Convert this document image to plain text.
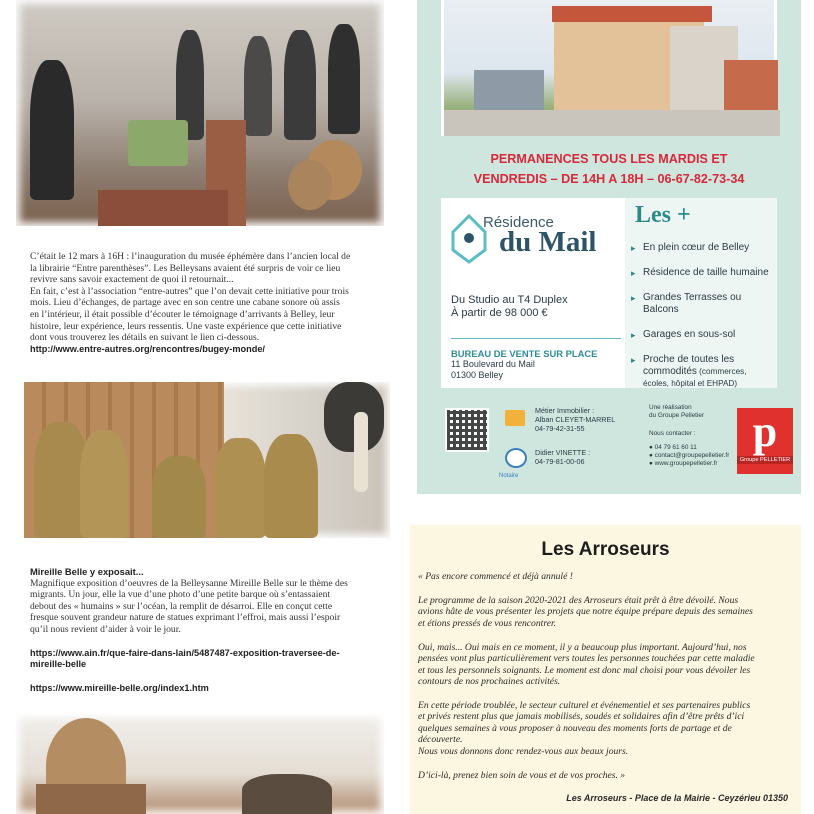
C’était le 12 mars à 16H : l’inauguration du musée éphémère dans l’ancien local de
la librairie “Entre parenthèses”. Les Belleysans avaient été surpris de voir ce lieu
revivre sans savoir exactement de quoi il retournait...
En fait, c’est à l’association “entre-autres” que l’on devait cette initiative pour trois
mois. Lieu d’échanges, de partage avec en son centre une cabane sonore où assis
en l’intérieur, il était possible d’écouter le témoignage d’arrivants à Belley, leur
histoire, leur expérience, leurs ressentis. Une vaste expérience que cette initiative
dont vous trouverez les détails en suivant le lien ci-dessous.
http://www.entre-autres.org/rencontres/bugey-monde/
Mireille Belle y exposait...
Magnifique exposition d’oeuvres de la Belleysanne Mireille Belle sur le thème des
migrants. Un jour, elle la vue d’une photo d’une petite barque où s’entassaient
debout des « humains » sur l’océan, la remplit de désarroi. Elle en conçut cette
fresque souvent grandeur nature de statues exprimant l’effroi, mais aussi l’espoir
qu’il nous revient d’aider à voir le jour.
https://www.ain.fr/que-faire-dans-lain/5487487-exposition-traversee-de-
mireille-belle
https://www.mireille-belle.org/index1.htm
PERMANENCES TOUS LES MARDIS ET
VENDREDIS – DE 14H A 18H – 06-67-82-73-34
Résidence
du Mail
Du Studio au T4 Duplex
À partir de 98 000 €
BUREAU DE VENTE SUR PLACE
11 Boulevard du Mail
01300 Belley
Les +
▸ En plein cœur de Belley
▸ Résidence de taille humaine
▸ Grandes Terrasses ou Balcons
▸ Garages en sous-sol
▸ Proche de toutes les
commodités (commerces,
écoles, hôpital et EHPAD)
Notaire
Métier Immobilier :
Alban CLEYET-MARREL
04-79-42-31-55
Didier VINETTE :
04-79-81-00-06
Une réalisation
du Groupe Pelletier
Nous contacter :
● 04 79 61 60 11
● contact@groupepelletier.fr
● www.groupepelletier.fr
p
Groupe PELLETIER
Les Arroseurs
« Pas encore commencé et déjà annulé !
Le programme de la saison 2020-2021 des Arroseurs était prêt à être dévoilé. Nous
avions hâte de vous présenter les projets que notre équipe prépare depuis des semaines
et étions pressés de vous rencontrer.
Oui, mais... Oui mais en ce moment, il y a beaucoup plus important. Aujourd’hui, nos
pensées vont plus particulièrement vers toutes les personnes touchées par cette maladie
et tous les personnels soignants. Le moment est donc mal choisi pour vous dévoiler les
contours de nos prochaines activités.
En cette période troublée, le secteur culturel et événementiel et ses partenaires publics
et privés restent plus que jamais mobilisés, soudés et solidaires afin d’être prêts d’ici
quelques semaines à vous proposer à nouveau des moments forts de partage et de
découverte.
Nous vous donnons donc rendez-vous aux beaux jours.
D’ici-là, prenez bien soin de vous et de vos proches. »
Les Arroseurs - Place de la Mairie - Ceyzérieu 01350
